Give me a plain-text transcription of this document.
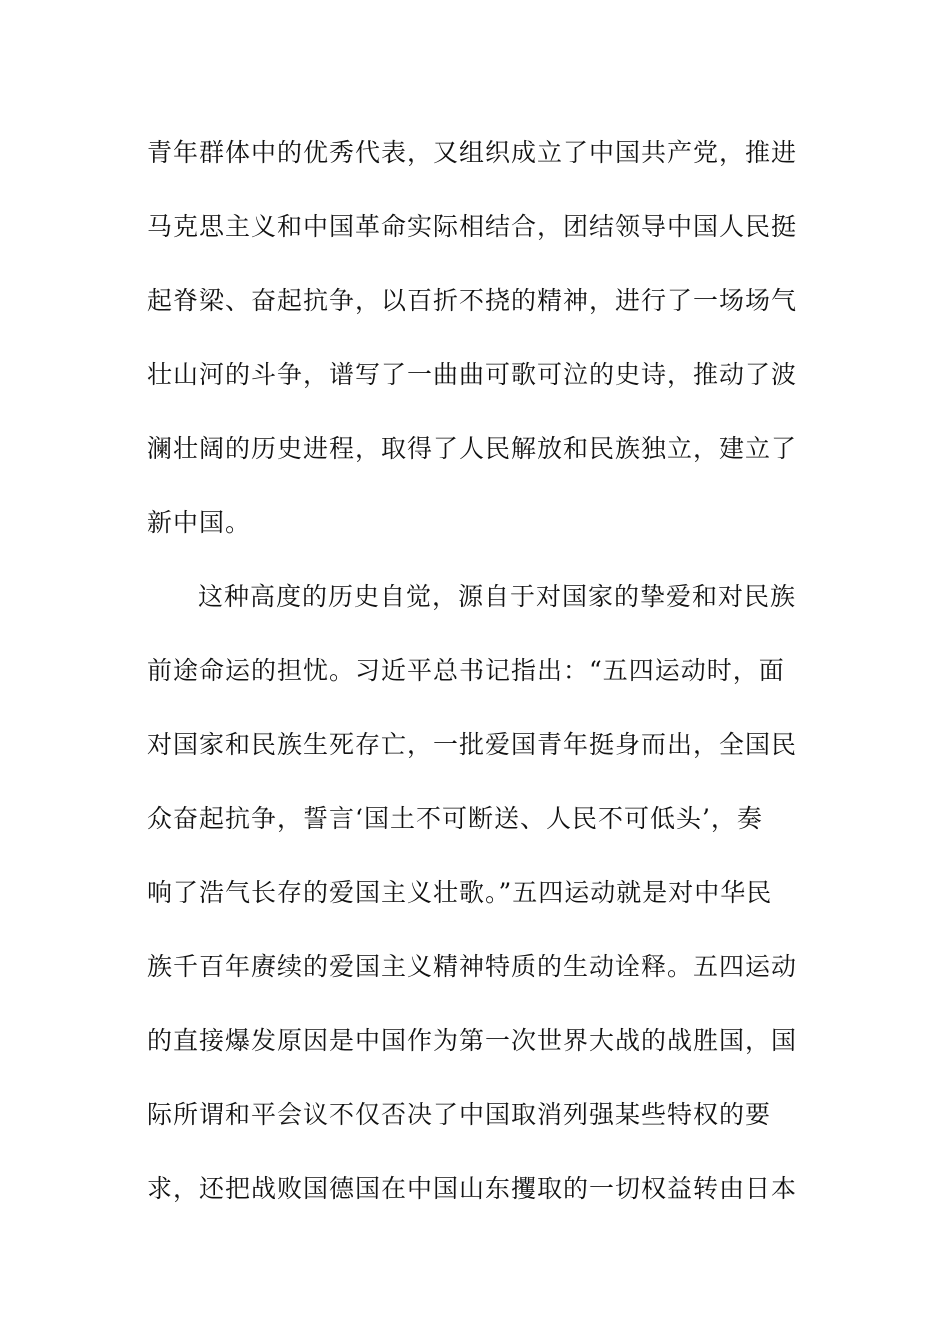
青年群体中的优秀代表，又组织成立了中国共产党，推进
马克思主义和中国革命实际相结合，团结领导中国人民挺
起脊梁、奋起抗争，以百折不挠的精神，进行了一场场气
壮山河的斗争，谱写了一曲曲可歌可泣的史诗，推动了波
澜壮阔的历史进程，取得了人民解放和民族独立，建立了
新中国。
这种高度的历史自觉，源自于对国家的挚爱和对民族
前途命运的担忧。习近平总书记指出：“五四运动时，面
对国家和民族生死存亡，一批爱国青年挺身而出，全国民
众奋起抗争，誓言‘国土不可断送、人民不可低头’，奏
响了浩气长存的爱国主义壮歌。”五四运动就是对中华民
族千百年赓续的爱国主义精神特质的生动诠释。五四运动
的直接爆发原因是中国作为第一次世界大战的战胜国，国
际所谓和平会议不仅否决了中国取消列强某些特权的要
求，还把战败国德国在中国山东攫取的一切权益转由日本
